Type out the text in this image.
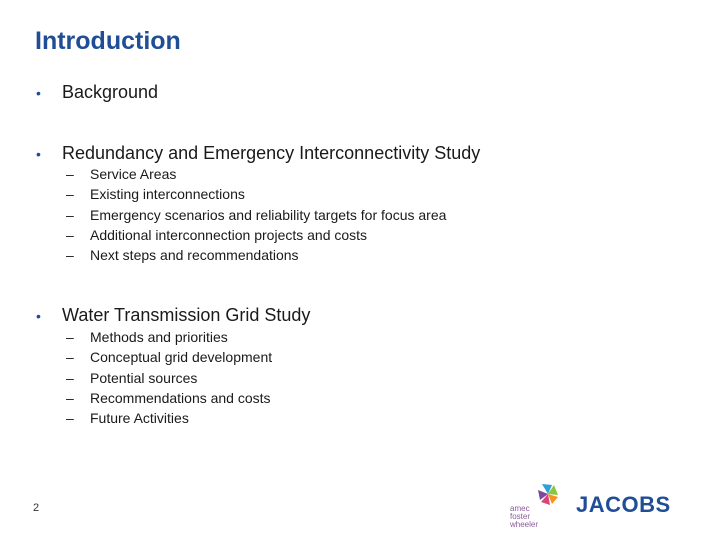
Introduction
•	Background
•	Redundancy and Emergency Interconnectivity Study
–	Service Areas
–	Existing interconnections
–	Emergency scenarios and reliability targets for focus area
–	Additional interconnection projects and costs
–	Next steps and recommendations
•	Water Transmission Grid Study
–	Methods and priorities
–	Conceptual grid development
–	Potential sources
–	Recommendations and costs
–	Future Activities
2	amec
foster
wheeler
JACOBS
